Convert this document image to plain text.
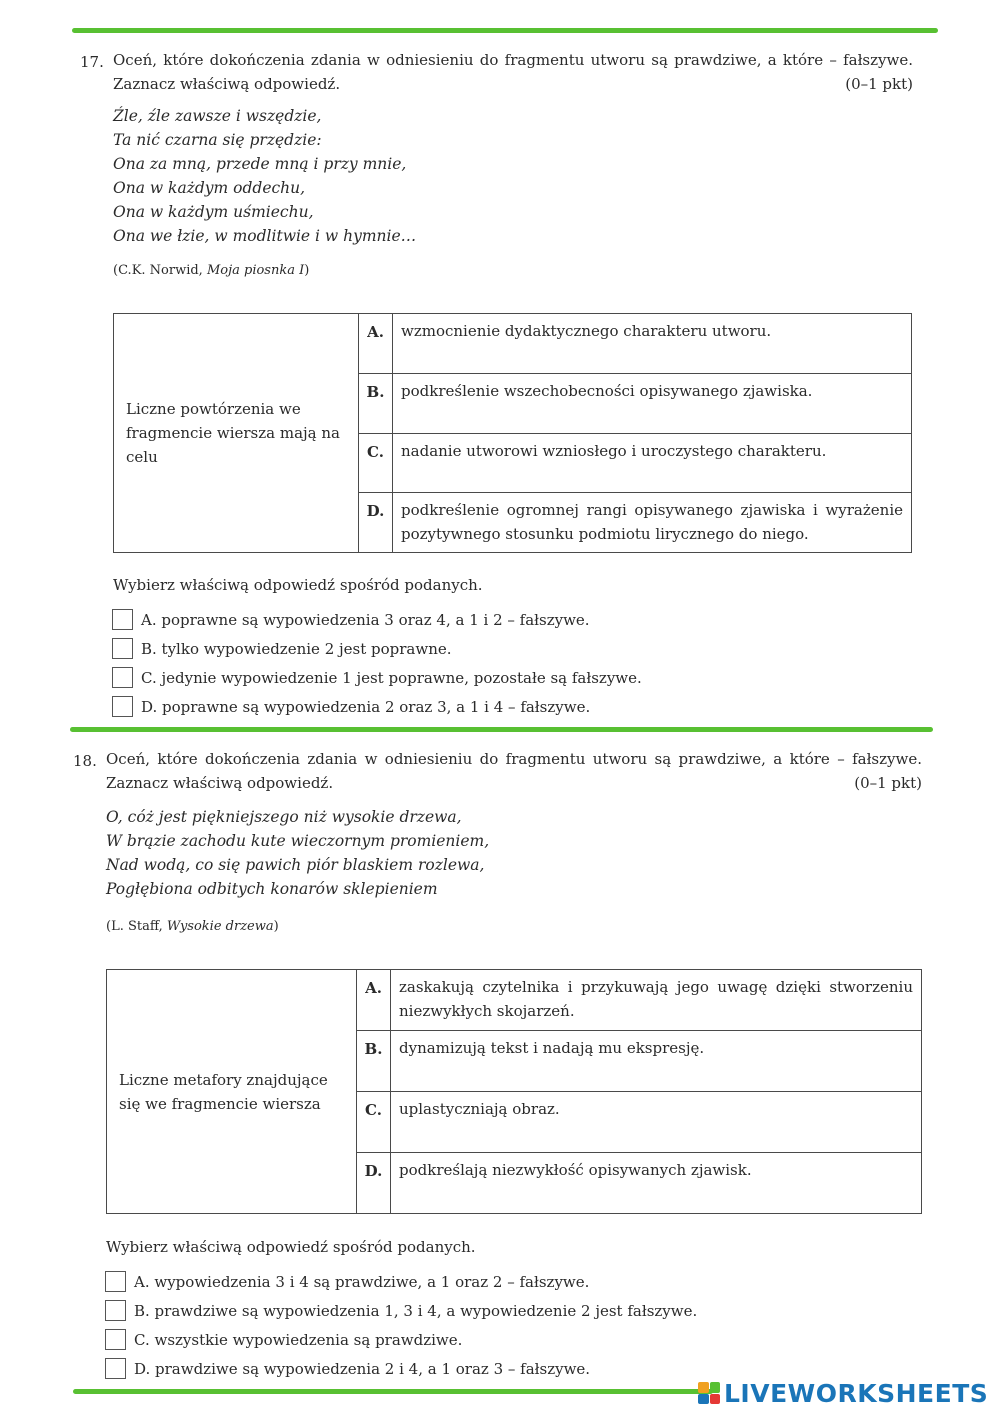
17. Oceń, które dokończenia zdania w odniesieniu do fragmentu utworu są prawdziwe, a które – fałszywe.
Zaznacz właściwą odpowiedź.	(0–1 pkt)
Źle, źle zawsze i wszędzie,
Ta nić czarna się przędzie:
Ona za mną, przede mną i przy mnie,
Ona w każdym oddechu,
Ona w każdym uśmiechu,
Ona we łzie, w modlitwie i w hymnie…
(C.K. Norwid, Moja piosnka I)
Liczne powtórzenia we fragmencie wiersza mają na celu	A.	wzmocnienie dydaktycznego charakteru utworu.
	B.	podkreślenie wszechobecności opisywanego zjawiska.
	C.	nadanie utworowi wzniosłego i uroczystego charakteru.
	D.	podkreślenie ogromnej rangi opisywanego zjawiska i wyrażenie pozytywnego stosunku podmiotu lirycznego do niego.
Wybierz właściwą odpowiedź spośród podanych.
A. poprawne są wypowiedzenia 3 oraz 4, a 1 i 2 – fałszywe.
B. tylko wypowiedzenie 2 jest poprawne.
C. jedynie wypowiedzenie 1 jest poprawne, pozostałe są fałszywe.
D. poprawne są wypowiedzenia 2 oraz 3, a 1 i 4 – fałszywe.
18. Oceń, które dokończenia zdania w odniesieniu do fragmentu utworu są prawdziwe, a które – fałszywe.
Zaznacz właściwą odpowiedź.	(0–1 pkt)
O, cóż jest piękniejszego niż wysokie drzewa,
W brązie zachodu kute wieczornym promieniem,
Nad wodą, co się pawich piór blaskiem rozlewa,
Pogłębiona odbitych konarów sklepieniem
(L. Staff, Wysokie drzewa)
Liczne metafory znajdujące się we fragmencie wiersza	A.	zaskakują czytelnika i przykuwają jego uwagę dzięki stworzeniu niezwykłych skojarzeń.
	B.	dynamizują tekst i nadają mu ekspresję.
	C.	uplastyczniają obraz.
	D.	podkreślają niezwykłość opisywanych zjawisk.
Wybierz właściwą odpowiedź spośród podanych.
A. wypowiedzenia 3 i 4 są prawdziwe, a 1 oraz 2 – fałszywe.
B. prawdziwe są wypowiedzenia 1, 3 i 4, a wypowiedzenie 2 jest fałszywe.
C. wszystkie wypowiedzenia są prawdziwe.
D. prawdziwe są wypowiedzenia 2 i 4, a 1 oraz 3 – fałszywe.
LIVEWORKSHEETS
